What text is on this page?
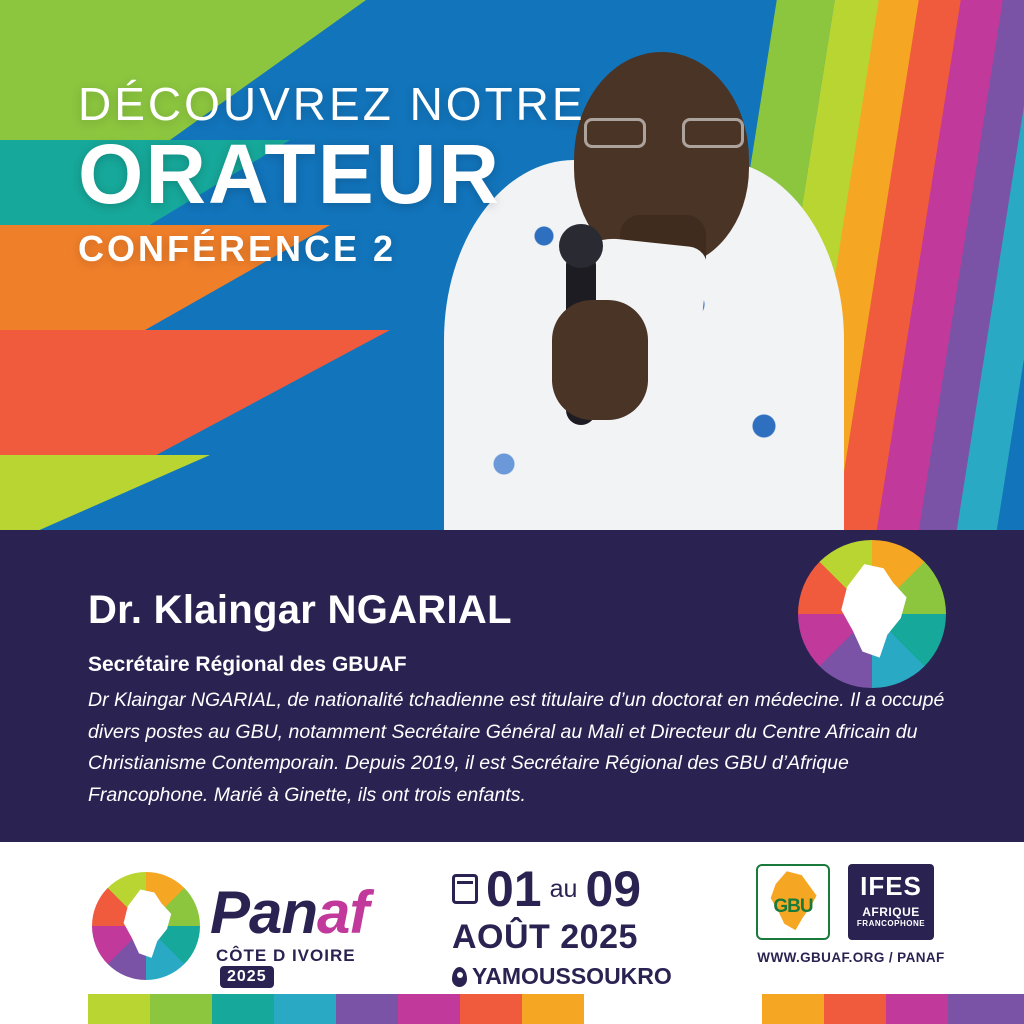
DÉCOUVREZ NOTRE
ORATEUR
CONFÉRENCE 2
Dr. Klaingar NGARIAL
Secrétaire Régional des GBUAF
Dr Klaingar NGARIAL, de nationalité tchadienne est titulaire d’un doctorat en médecine. Il a occupé divers postes au GBU, notamment Secrétaire Général au Mali et Directeur du Centre Africain du Christianisme Contemporain. Depuis 2019, il est Secrétaire Régional des GBU d’Afrique Francophone. Marié à Ginette, ils ont trois enfants.
Panaf
CÔTE D IVOIRE2025
01 au 09
AOÛT 2025
YAMOUSSOUKRO
GBU
IFES
AFRIQUE
FRANCOPHONE
WWW.GBUAF.ORG / PANAF
